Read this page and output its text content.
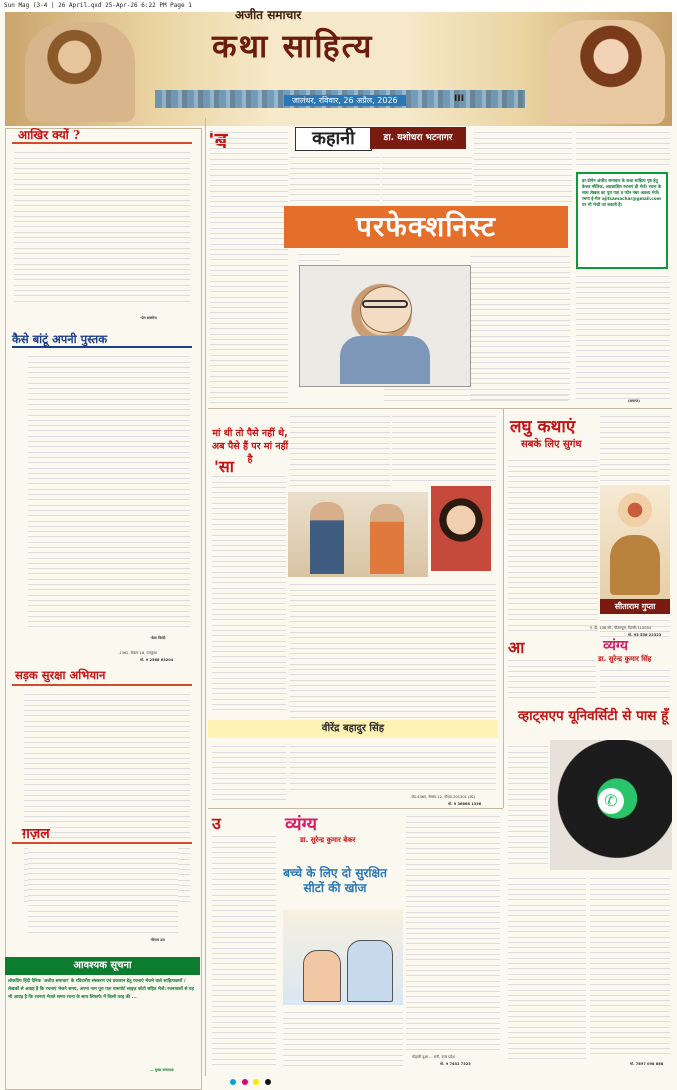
Sun Mag (3-4 | 26 April.qxd 25-Apr-26 6:22 PM Page 1
अजीत समाचार
कथा साहित्य
जालंधर, रविवार, 26 अप्रैल, 2026	III
आखिर क्यों ?

-प्रेम सक्सेना
कैसे बांटूं अपनी पुस्तक

-बेला विरदी
-1362, सेक्टर 18, पंचकूला
मो. 9 2568 63204
सड़क सुरक्षा अभियान

ग़ज़ल

-विजय डरा
आवश्यक सूचना
लोकप्रिय हिंदी दैनिक 'अजीत समाचार' के रविवारीय संस्करण एवं प्रकाशन हेतु रचनाएं भेजने वाले साहित्यकारों / लेखकों से आग्रह है कि रचनाएं भेजने समय, अपना नाम पूरा पता पासपोर्ट साइज़ फोटो सहित भेजें। रचनाकारों से यह भी आग्रह है कि रचनाएं भेजते समय रचना के साथ लिफाफे में किसी तरह की ...
— मुख्य सम्पादक
'ब	कहानी	डा. यशोधरा भटनागर
परफेक्शनिस्ट
हर डोमेन अंजीत समाचार के कथा साहित्य पृष्ठ हेतु केवल मौलिक, अप्रकाशित रचनाएं ही भेजें। रचना के साथ लेखक का पूरा पता व फोन नंबर अवश्य भेजें। रचना ई-मेल ajitsamachar@gmail.com पर भी भेजी जा सकती हैं।

(समाप्त)
मां थी तो पैसे नहीं थे, अब पैसे हैं पर मां नहीं है
'सा

वीरेंद्र बहादुर सिंह

-जेड-436ए, सेक्टर-12, नोएडा-201301 (उप्र)
मो. 9 36868 1336
लघु कथाएं
सबके लिए सुगंध

सीताराम गुप्ता

ए. डी. 106 सी., पीतमपुरा, दिल्ली-110034
मो. 95 556 22323
आ	व्यंग्य
डा. सुरेन्द्र कुमार सिंह

व्हाट्सएप यूनिवर्सिटी से पास हूँ
✆

मो. 7897 098 888
उ	व्यंग्य
डा. सुरेन्द्र कुमार बेकर
बच्चे के लिए दो सुरक्षित सीटों की खोज

मोहाली दुआ ... रानी, उत्तर प्रदेश
मो. 9 7452 7325
